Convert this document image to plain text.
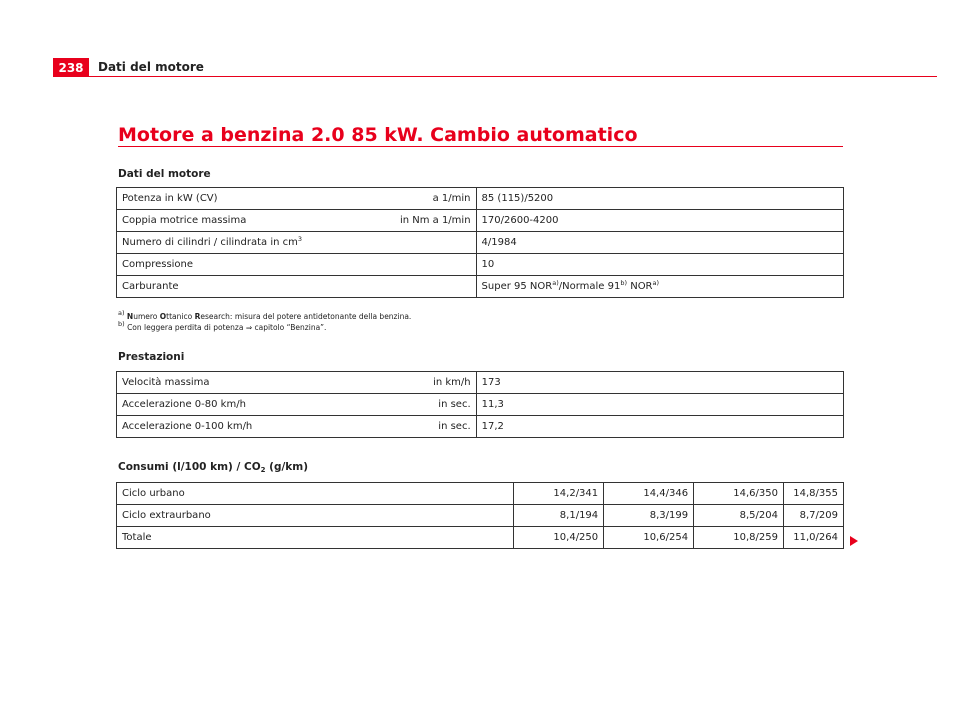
238	Dati del motore
Motore a benzina 2.0 85 kW. Cambio automatico
Dati del motore
Potenza in kW (CV) a 1/min	85 (115)/5200

Coppia motrice massima in Nm a 1/min	170/2600-4200

Numero di cilindri / cilindrata in $cm^3$	4/1984

Compressione	10

Carburante	Super 95 NOR$^{a)}$/Normale 91$^{b)}$ NOR$^{a)}$
$^{a)}$ Numero Ottanico Research: misura del potere antidetonante della benzina.
$^{b)}$ Con leggera perdita di potenza ⇒ capitolo “Benzina”.
Prestazioni
Velocità massima in km/h	173

Accelerazione 0-80 km/h in sec.	11,3

Accelerazione 0-100 km/h in sec.	17,2
Consumi (l/100 $km) / CO_2$ (g/km)
Ciclo urbano	14,2/341	14,4/346	14,6/350	14,8/355
Ciclo extraurbano	8,1/194	8,3/199	8,5/204	8,7/209
Totale	10,4/250	10,6/254	10,8/259	11,0/264
